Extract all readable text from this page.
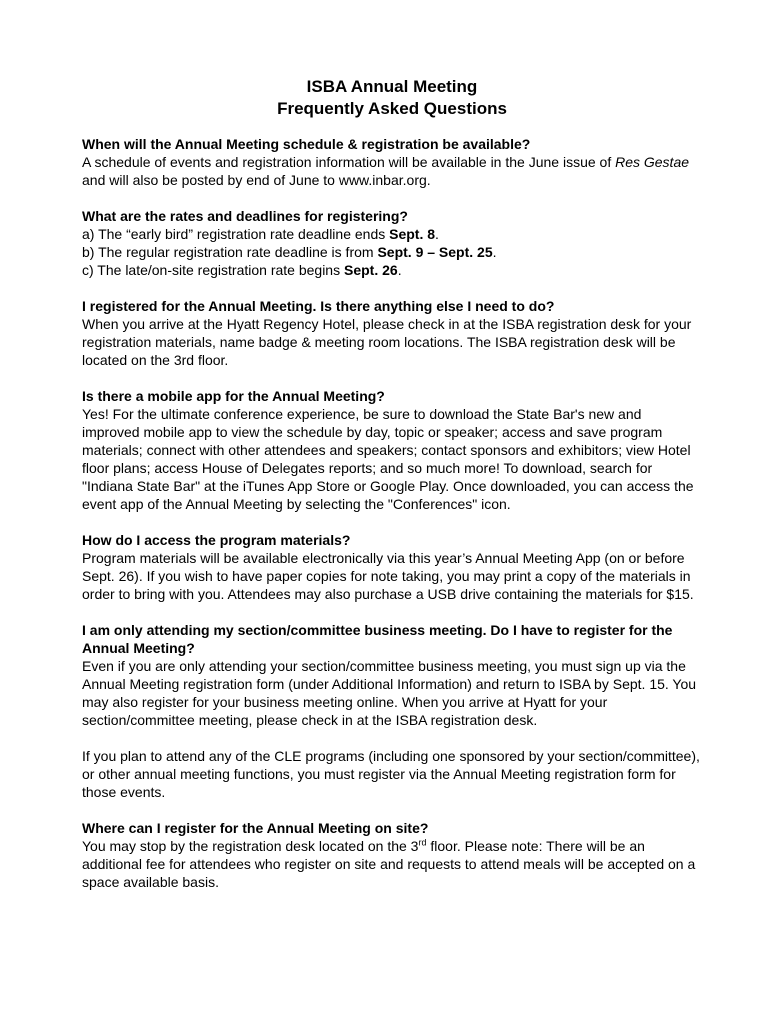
ISBA Annual Meeting

Frequently Asked Questions

When will the Annual Meeting schedule & registration be available?

A schedule of events and registration information will be available in the June issue of Res Gestae and will also be posted by end of June to www.inbar.org.

What are the rates and deadlines for registering?

a) The “early bird” registration rate deadline ends Sept. 8.

b) The regular registration rate deadline is from Sept. 9 – Sept. 25.

c) The late/on-site registration rate begins Sept. 26.

I registered for the Annual Meeting. Is there anything else I need to do?

When you arrive at the Hyatt Regency Hotel, please check in at the ISBA registration desk for your registration materials, name badge & meeting room locations. The ISBA registration desk will be located on the 3rd floor.

Is there a mobile app for the Annual Meeting?

Yes! For the ultimate conference experience, be sure to download the State Bar's new and improved mobile app to view the schedule by day, topic or speaker; access and save program materials; connect with other attendees and speakers; contact sponsors and exhibitors; view Hotel floor plans; access House of Delegates reports; and so much more! To download, search for "Indiana State Bar" at the iTunes App Store or Google Play. Once downloaded, you can access the event app of the Annual Meeting by selecting the "Conferences" icon.

How do I access the program materials?

Program materials will be available electronically via this year’s Annual Meeting App (on or before Sept. 26). If you wish to have paper copies for note taking, you may print a copy of the materials in order to bring with you. Attendees may also purchase a USB drive containing the materials for $15.

I am only attending my section/committee business meeting. Do I have to register for the Annual Meeting?

Even if you are only attending your section/committee business meeting, you must sign up via the Annual Meeting registration form (under Additional Information) and return to ISBA by Sept. 15. You may also register for your business meeting online. When you arrive at Hyatt for your section/committee meeting, please check in at the ISBA registration desk.

If you plan to attend any of the CLE programs (including one sponsored by your section/committee), or other annual meeting functions, you must register via the Annual Meeting registration form for those events.

Where can I register for the Annual Meeting on site?

You may stop by the registration desk located on the 3rd floor. Please note: There will be an additional fee for attendees who register on site and requests to attend meals will be accepted on a space available basis.
